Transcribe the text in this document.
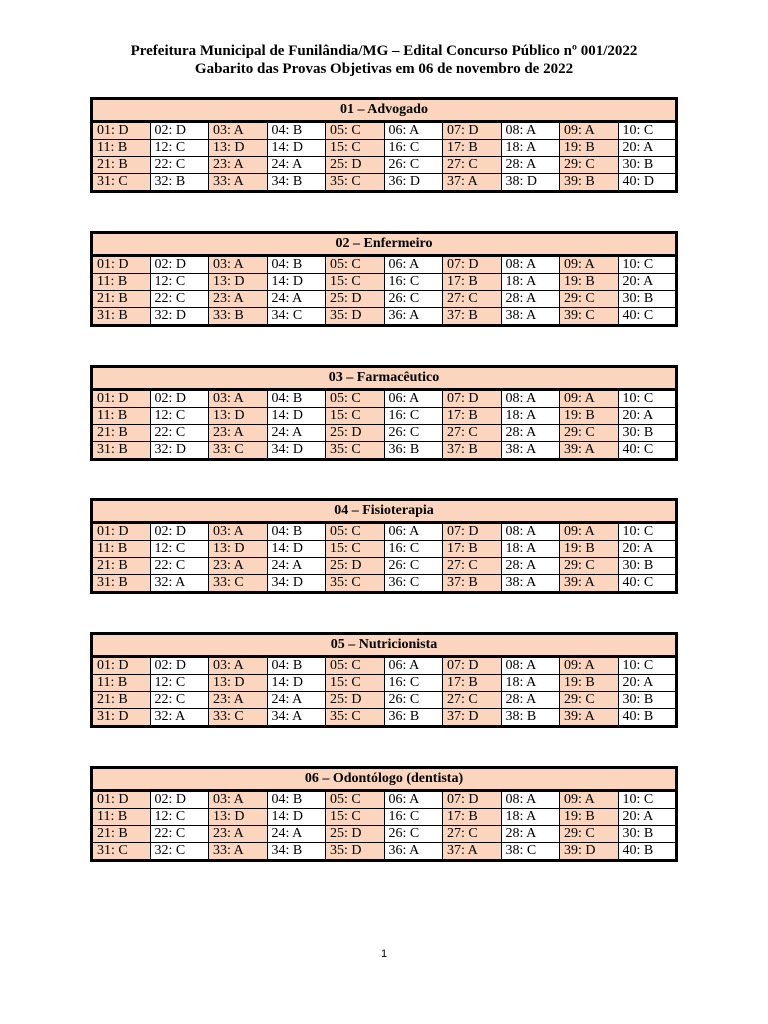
Prefeitura Municipal de Funilândia/MG – Edital Concurso Público nº 001/2022
Gabarito das Provas Objetivas em 06 de novembro de 2022
01 – Advogado									
01: D	02: D	03: A	04: B	05: C	06: A	07: D	08: A	09: A	10: C
11: B	12: C	13: D	14: D	15: C	16: C	17: B	18: A	19: B	20: A
21: B	22: C	23: A	24: A	25: D	26: C	27: C	28: A	29: C	30: B
31: C	32: B	33: A	34: B	35: C	36: D	37: A	38: D	39: B	40: D
02 – Enfermeiro									
01: D	02: D	03: A	04: B	05: C	06: A	07: D	08: A	09: A	10: C
11: B	12: C	13: D	14: D	15: C	16: C	17: B	18: A	19: B	20: A
21: B	22: C	23: A	24: A	25: D	26: C	27: C	28: A	29: C	30: B
31: B	32: D	33: B	34: C	35: D	36: A	37: B	38: A	39: C	40: C
03 – Farmacêutico									
01: D	02: D	03: A	04: B	05: C	06: A	07: D	08: A	09: A	10: C
11: B	12: C	13: D	14: D	15: C	16: C	17: B	18: A	19: B	20: A
21: B	22: C	23: A	24: A	25: D	26: C	27: C	28: A	29: C	30: B
31: B	32: D	33: C	34: D	35: C	36: B	37: B	38: A	39: A	40: C
04 – Fisioterapia									
01: D	02: D	03: A	04: B	05: C	06: A	07: D	08: A	09: A	10: C
11: B	12: C	13: D	14: D	15: C	16: C	17: B	18: A	19: B	20: A
21: B	22: C	23: A	24: A	25: D	26: C	27: C	28: A	29: C	30: B
31: B	32: A	33: C	34: D	35: C	36: C	37: B	38: A	39: A	40: C
05 – Nutricionista									
01: D	02: D	03: A	04: B	05: C	06: A	07: D	08: A	09: A	10: C
11: B	12: C	13: D	14: D	15: C	16: C	17: B	18: A	19: B	20: A
21: B	22: C	23: A	24: A	25: D	26: C	27: C	28: A	29: C	30: B
31: D	32: A	33: C	34: A	35: C	36: B	37: D	38: B	39: A	40: B
06 – Odontólogo (dentista)									
01: D	02: D	03: A	04: B	05: C	06: A	07: D	08: A	09: A	10: C
11: B	12: C	13: D	14: D	15: C	16: C	17: B	18: A	19: B	20: A
21: B	22: C	23: A	24: A	25: D	26: C	27: C	28: A	29: C	30: B
31: C	32: C	33: A	34: B	35: D	36: A	37: A	38: C	39: D	40: B
1
